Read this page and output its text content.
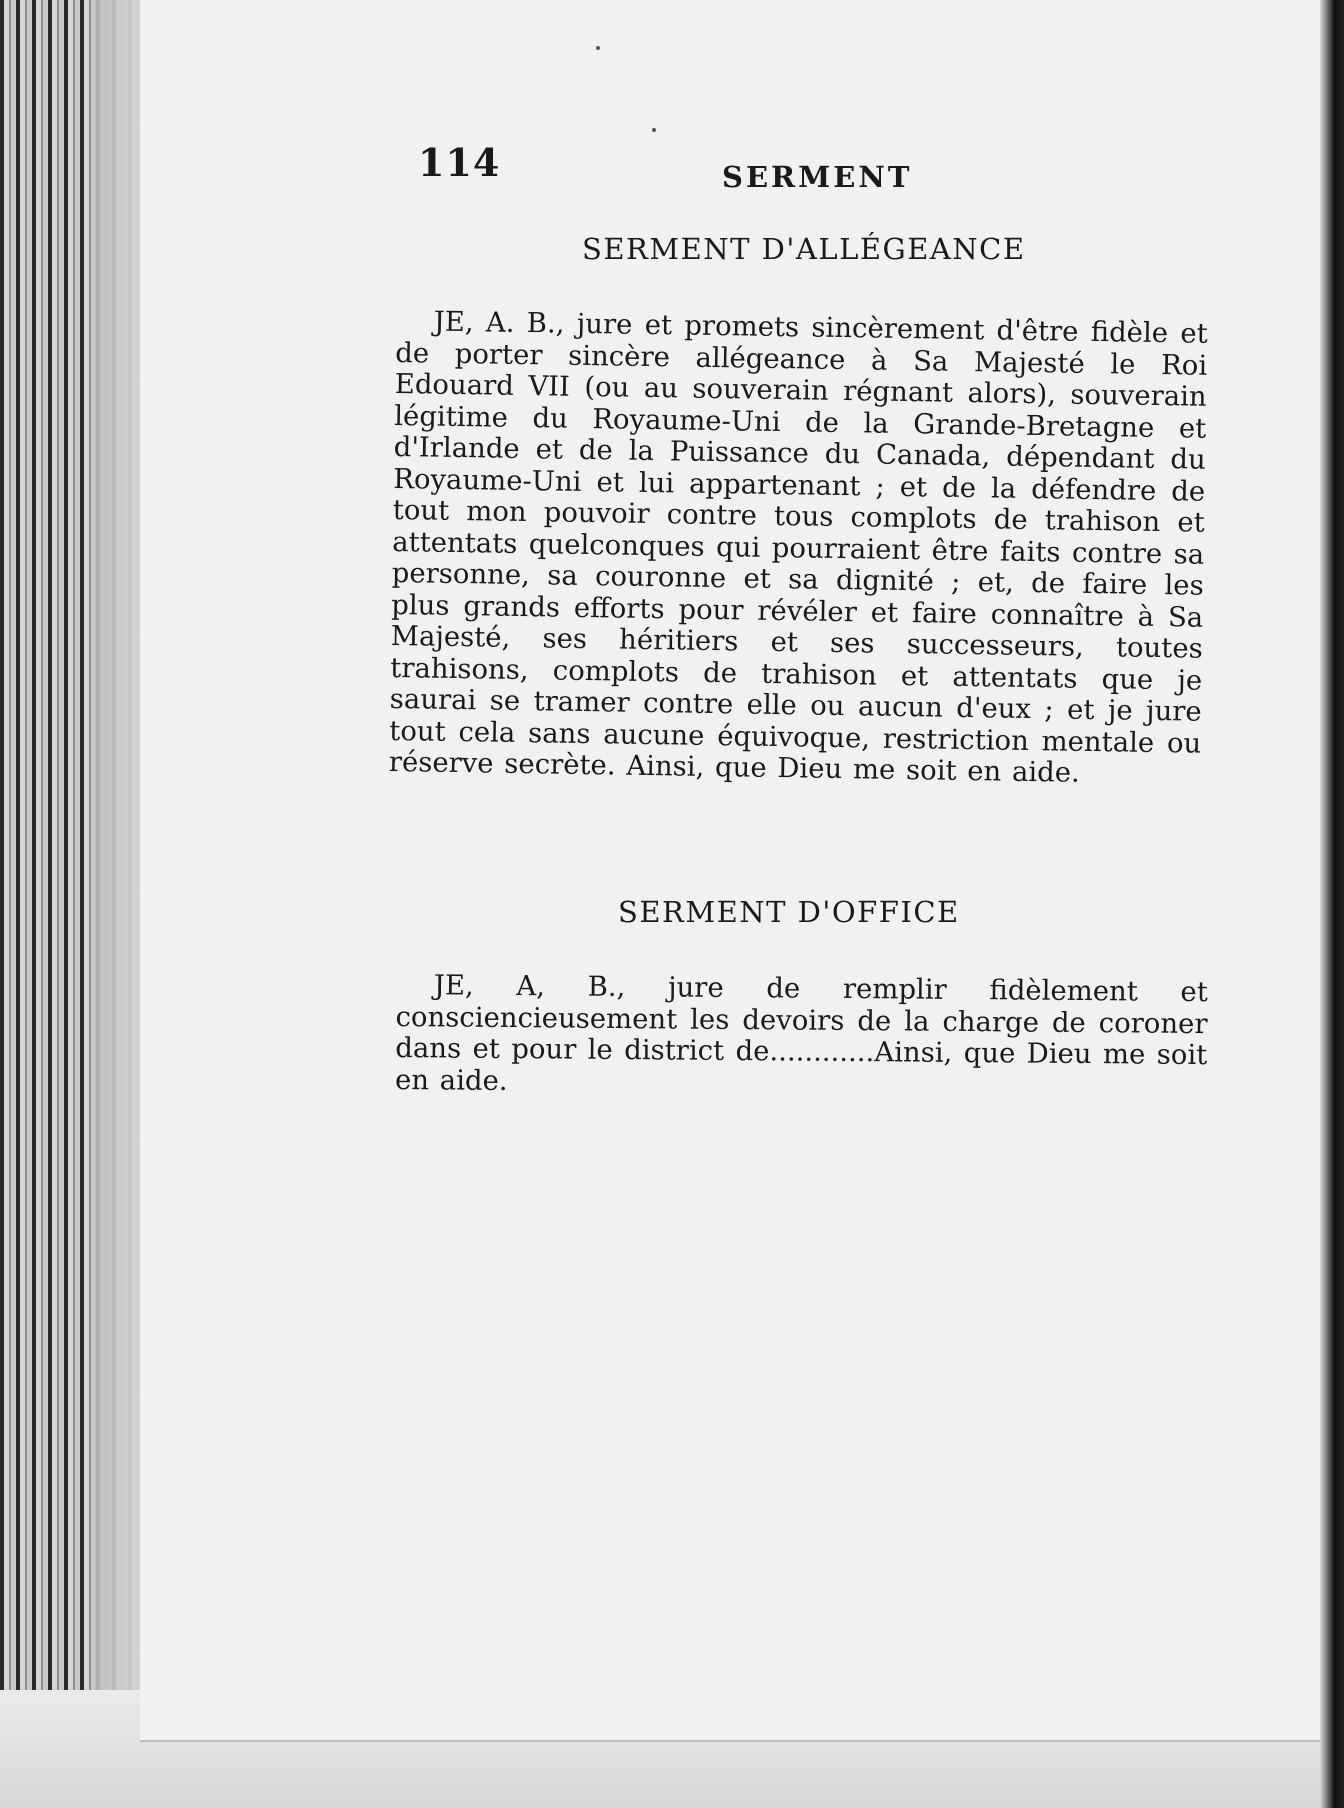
114	SERMENT
SERMENT D'ALLÉGEANCE

JE, A. B., jure et promets sincèrement d'être fidèle et de porter sincère allégeance à Sa Majesté le Roi Edouard VII (ou au souverain régnant alors), souverain légitime du Royaume-Uni de la Grande-Bretagne et d'Irlande et de la Puissance du Canada, dépendant du Royaume-Uni et lui appartenant ; et de la défendre de tout mon pouvoir contre tous complots de trahison et attentats quelconques qui pourraient être faits contre sa personne, sa couronne et sa dignité ; et, de faire les plus grands efforts pour révéler et faire connaître à Sa Majesté, ses héritiers et ses successeurs, toutes trahisons, complots de trahison et attentats que je saurai se tramer contre elle ou aucun d'eux ; et je jure tout cela sans aucune équivoque, restriction mentale ou réserve secrète. Ainsi, que Dieu me soit en aide.

SERMENT D'OFFICE

JE, A, B., jure de remplir fidèlement et consciencieusement les devoirs de la charge de coroner dans et pour le district de............Ainsi, que Dieu me soit en aide.
